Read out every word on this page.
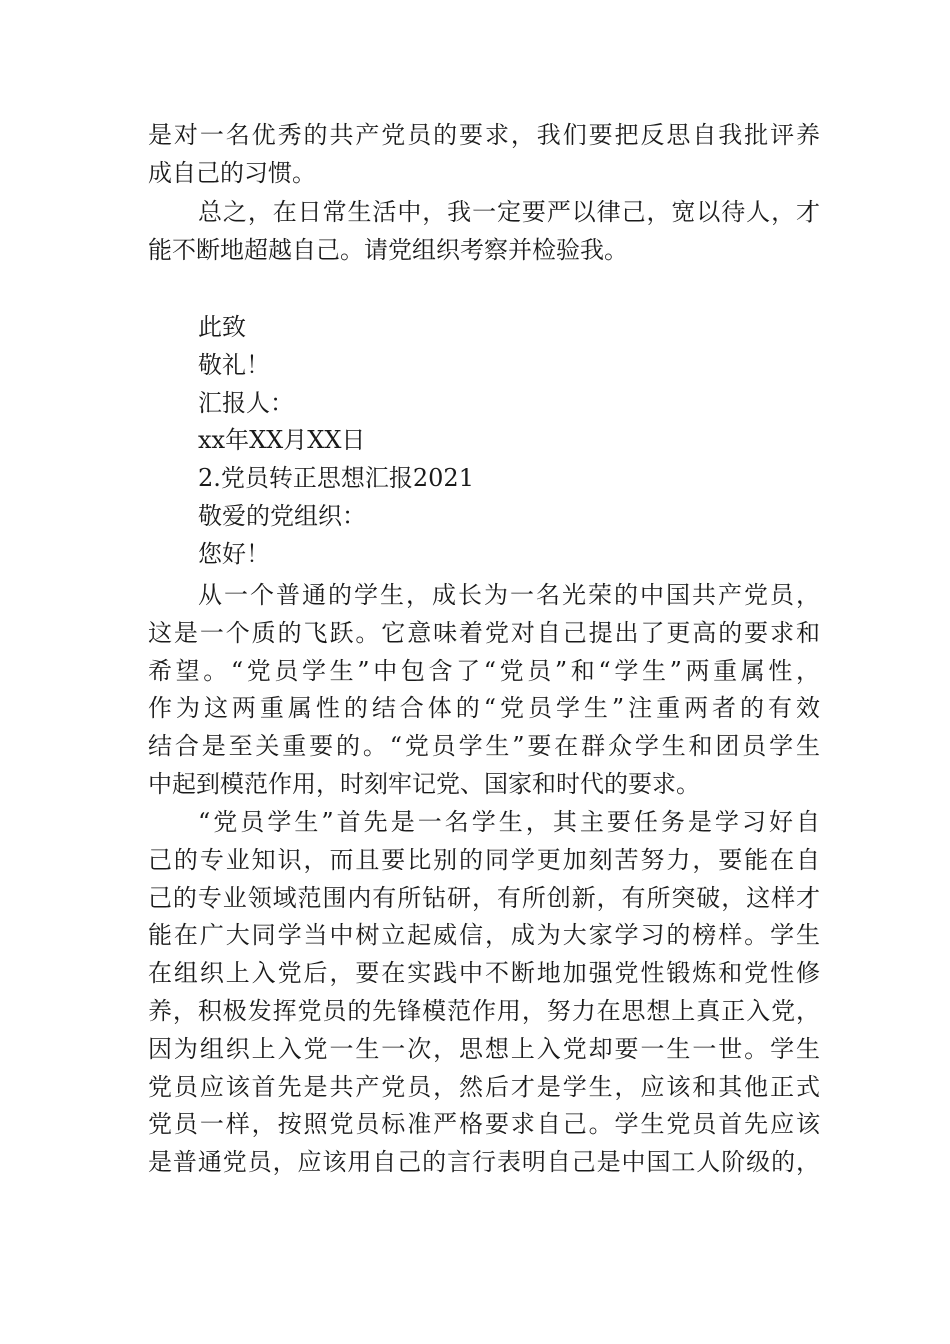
是对一名优秀的共产党员的要求，我们要把反思自我批评养
成自己的习惯。
总之，在日常生活中，我一定要严以律己，宽以待人，才
能不断地超越自己。请党组织考察并检验我。
此致
敬礼！
汇报人：
xx年XX月XX日
2.党员转正思想汇报2021
敬爱的党组织：
您好！
从一个普通的学生，成长为一名光荣的中国共产党员，
这是一个质的飞跃。它意味着党对自己提出了更高的要求和
希望。“党员学生”中包含了“党员”和“学生”两重属性，
作为这两重属性的结合体的“党员学生”注重两者的有效
结合是至关重要的。“党员学生”要在群众学生和团员学生
中起到模范作用，时刻牢记党、国家和时代的要求。
“党员学生”首先是一名学生，其主要任务是学习好自
己的专业知识，而且要比别的同学更加刻苦努力，要能在自
己的专业领域范围内有所钻研，有所创新，有所突破，这样才
能在广大同学当中树立起威信，成为大家学习的榜样。学生
在组织上入党后，要在实践中不断地加强党性锻炼和党性修
养，积极发挥党员的先锋模范作用，努力在思想上真正入党，
因为组织上入党一生一次，思想上入党却要一生一世。学生
党员应该首先是共产党员，然后才是学生，应该和其他正式
党员一样，按照党员标准严格要求自己。学生党员首先应该
是普通党员，应该用自己的言行表明自己是中国工人阶级的，
